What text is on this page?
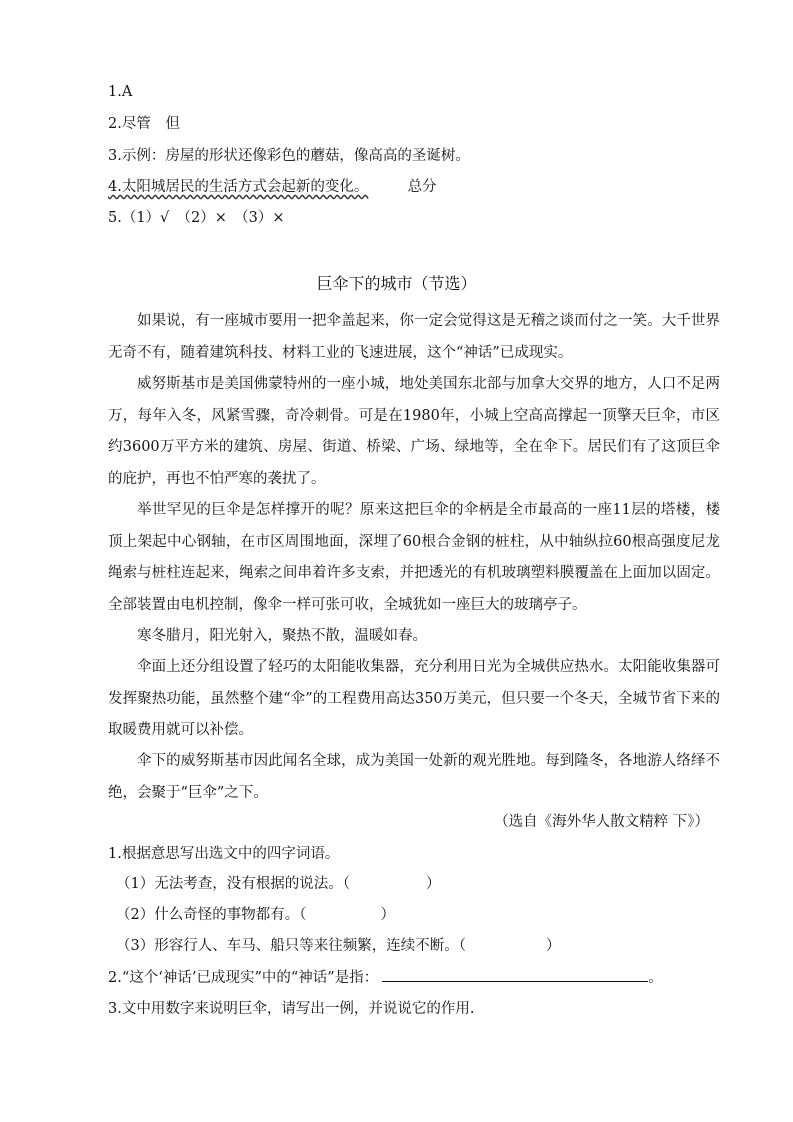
1.A
2.尽管　但
3.示例：房屋的形状还像彩色的蘑菇，像高高的圣诞树。
4.太阳城居民的生活方式会起新的变化。	总分
5.（1）√　（2）×　（3）×
巨伞下的城市（节选）
如果说，有一座城市要用一把伞盖起来，你一定会觉得这是无稽之谈而付之一笑。大千世界无奇不有，随着建筑科技、材料工业的飞速进展，这个“神话”已成现实。
威努斯基市是美国佛蒙特州的一座小城，地处美国东北部与加拿大交界的地方，人口不足两万，每年入冬，风紧雪骤，奇冷刺骨。可是在1980年，小城上空高高撑起一顶擎天巨伞，市区约3600万平方米的建筑、房屋、街道、桥梁、广场、绿地等，全在伞下。居民们有了这顶巨伞的庇护，再也不怕严寒的袭扰了。
举世罕见的巨伞是怎样撑开的呢？原来这把巨伞的伞柄是全市最高的一座11层的塔楼，楼顶上架起中心钢轴，在市区周围地面，深埋了60根合金钢的桩柱，从中轴纵拉60根高强度尼龙绳索与桩柱连起来，绳索之间串着许多支索，并把透光的有机玻璃塑料膜覆盖在上面加以固定。全部装置由电机控制，像伞一样可张可收，全城犹如一座巨大的玻璃亭子。
寒冬腊月，阳光射入，聚热不散，温暖如春。
伞面上还分组设置了轻巧的太阳能收集器，充分利用日光为全城供应热水。太阳能收集器可发挥聚热功能，虽然整个建“伞”的工程费用高达350万美元，但只要一个冬天，全城节省下来的取暖费用就可以补偿。
伞下的威努斯基市因此闻名全球，成为美国一处新的观光胜地。每到隆冬，各地游人络绎不绝，会聚于“巨伞”之下。
（选自《海外华人散文精粹 下》）
1.根据意思写出选文中的四字词语。
（1）无法考查，没有根据的说法。（	）
（2）什么奇怪的事物都有。（	）
（3）形容行人、车马、船只等来往频繁，连续不断。（	）
2.“这个‘神话’已成现实”中的“神话”是指：	。
3.文中用数字来说明巨伞，请写出一例，并说说它的作用.
